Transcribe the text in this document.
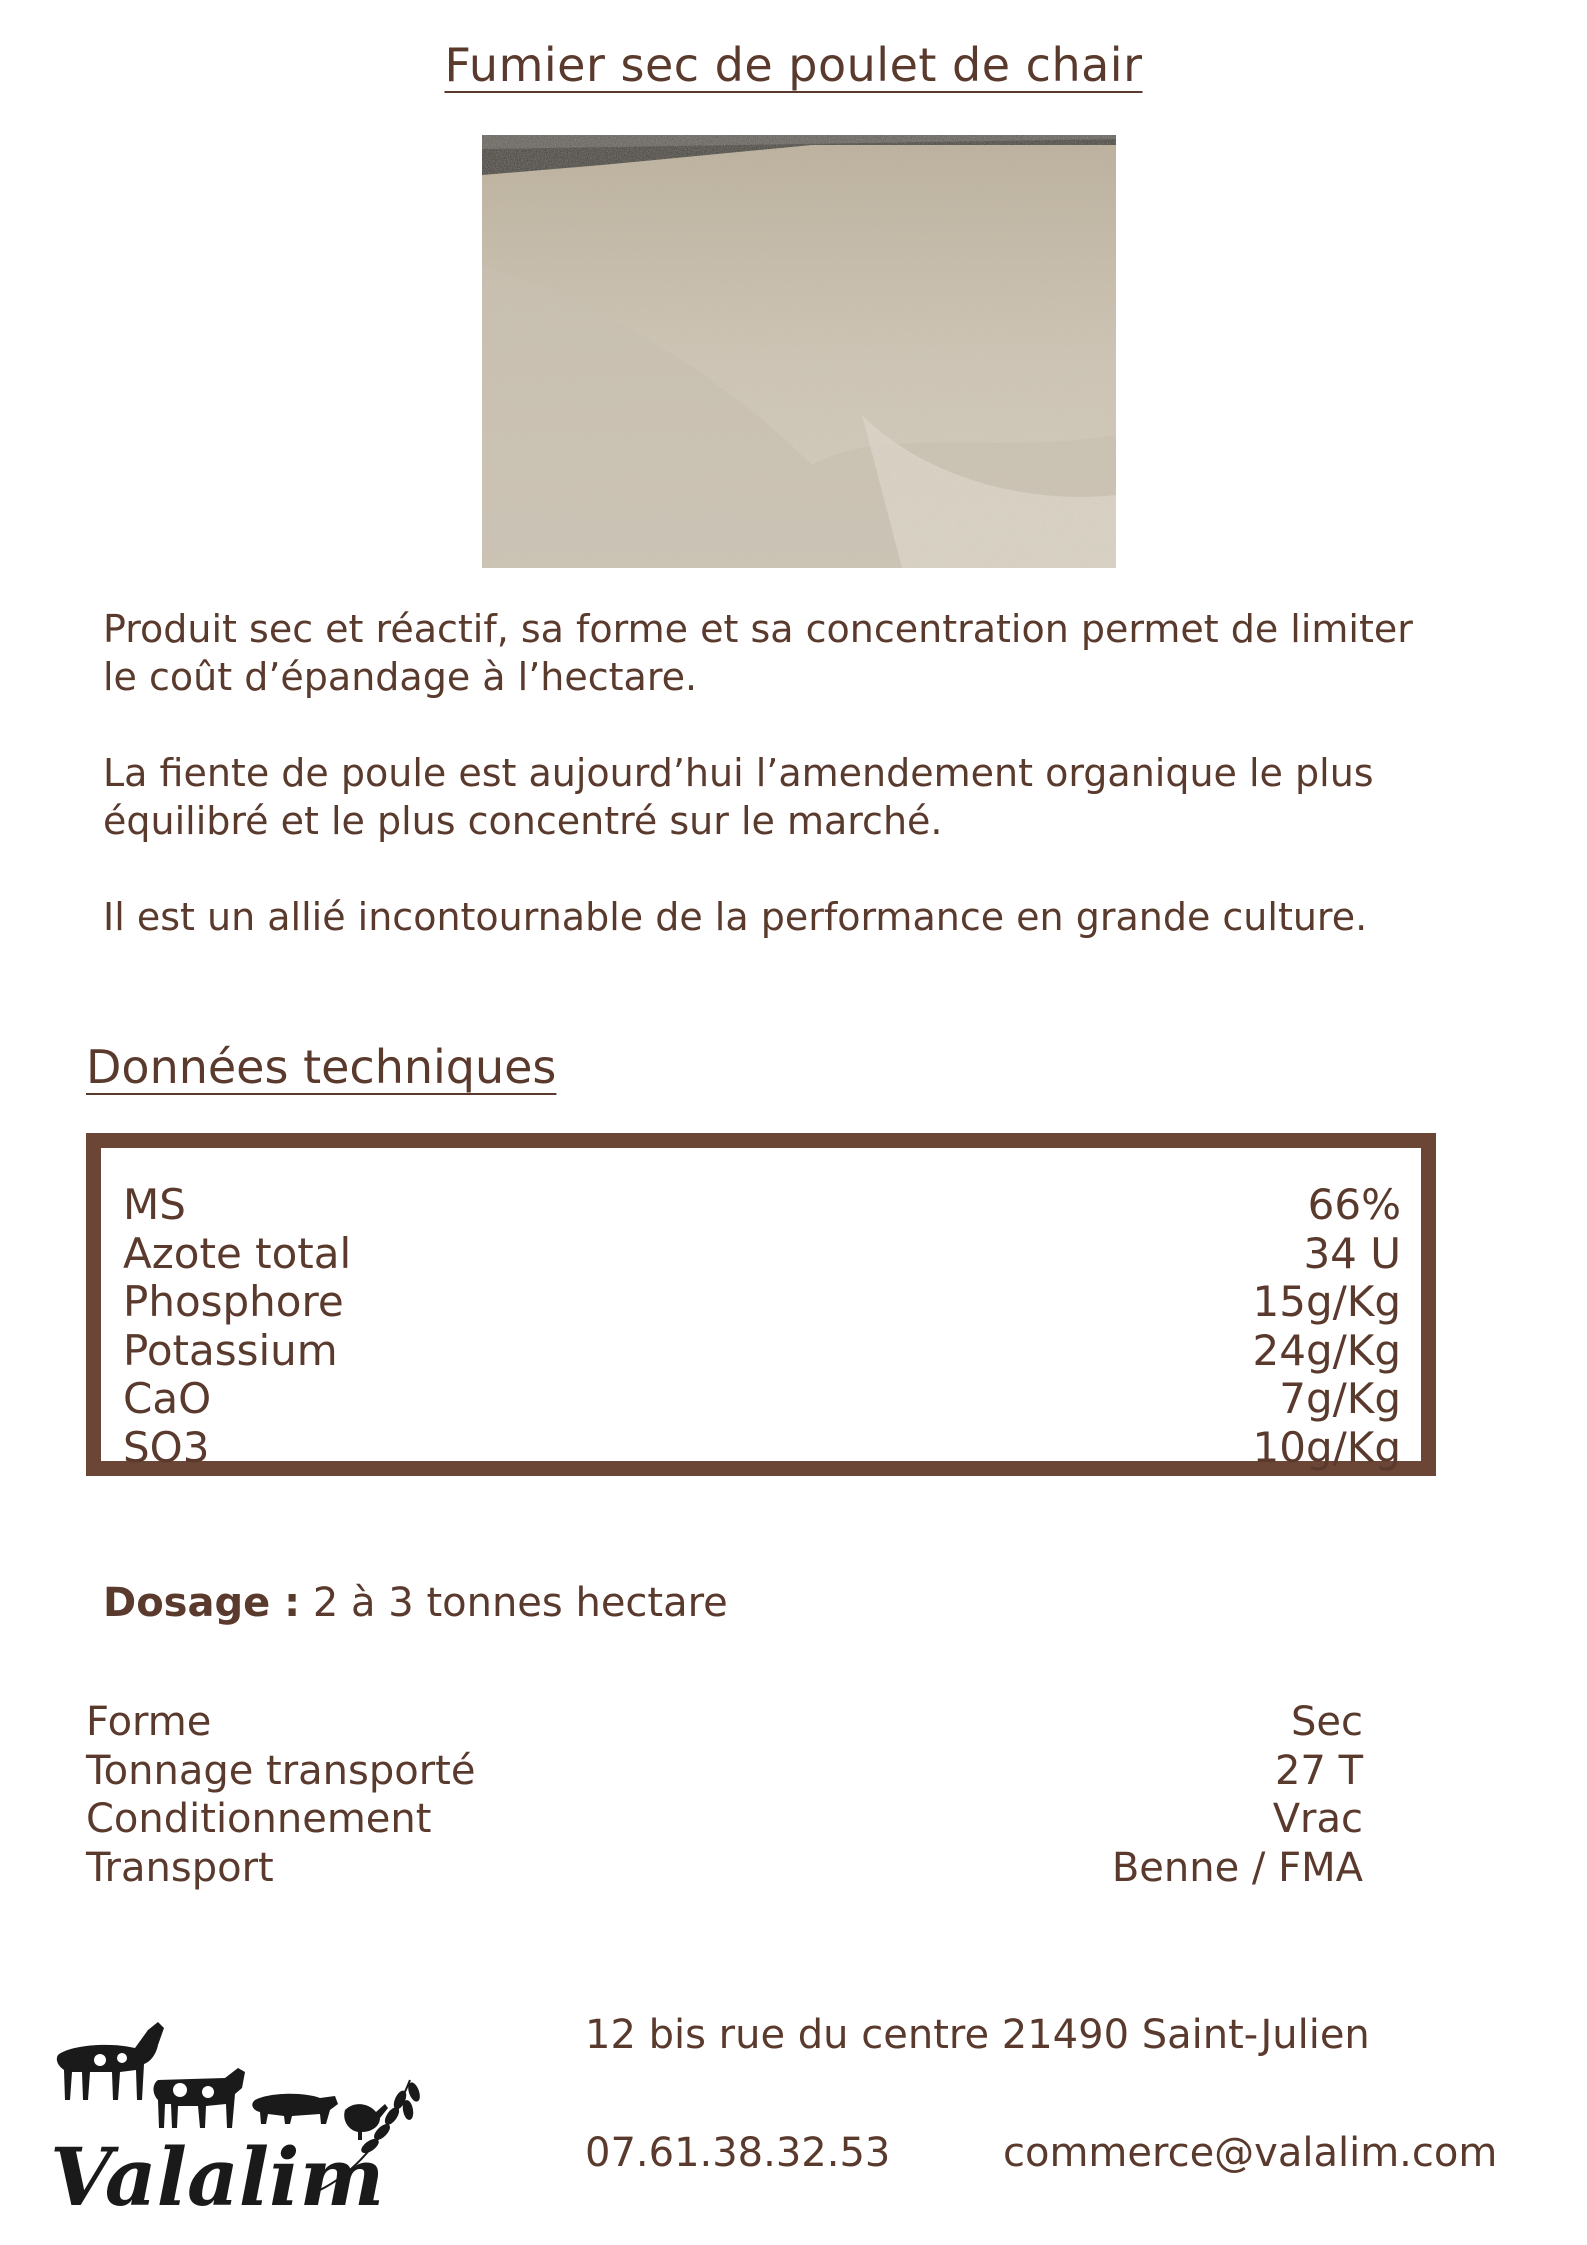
Fumier sec de poulet de chair

Produit sec et réactif, sa forme et sa concentration permet de limiter le coût d’épandage à l’hectare.

La fiente de poule est aujourd’hui l’amendement organique le plus équilibré et le plus concentré sur le marché.

Il est un allié incontournable de la performance en grande culture.

Données techniques
MS	66%
Azote total	34 U
Phosphore	15g/Kg
Potassium	24g/Kg
CaO	7g/Kg
SO3	10g/Kg
Dosage : 2 à 3 tonnes hectare
Forme	Sec
Tonnage transporté	27 T
Conditionnement	Vrac
Transport	Benne / FMA
Valalim
12 bis rue du centre 21490 Saint-Julien
07.61.38.32.53	commerce@valalim.com
